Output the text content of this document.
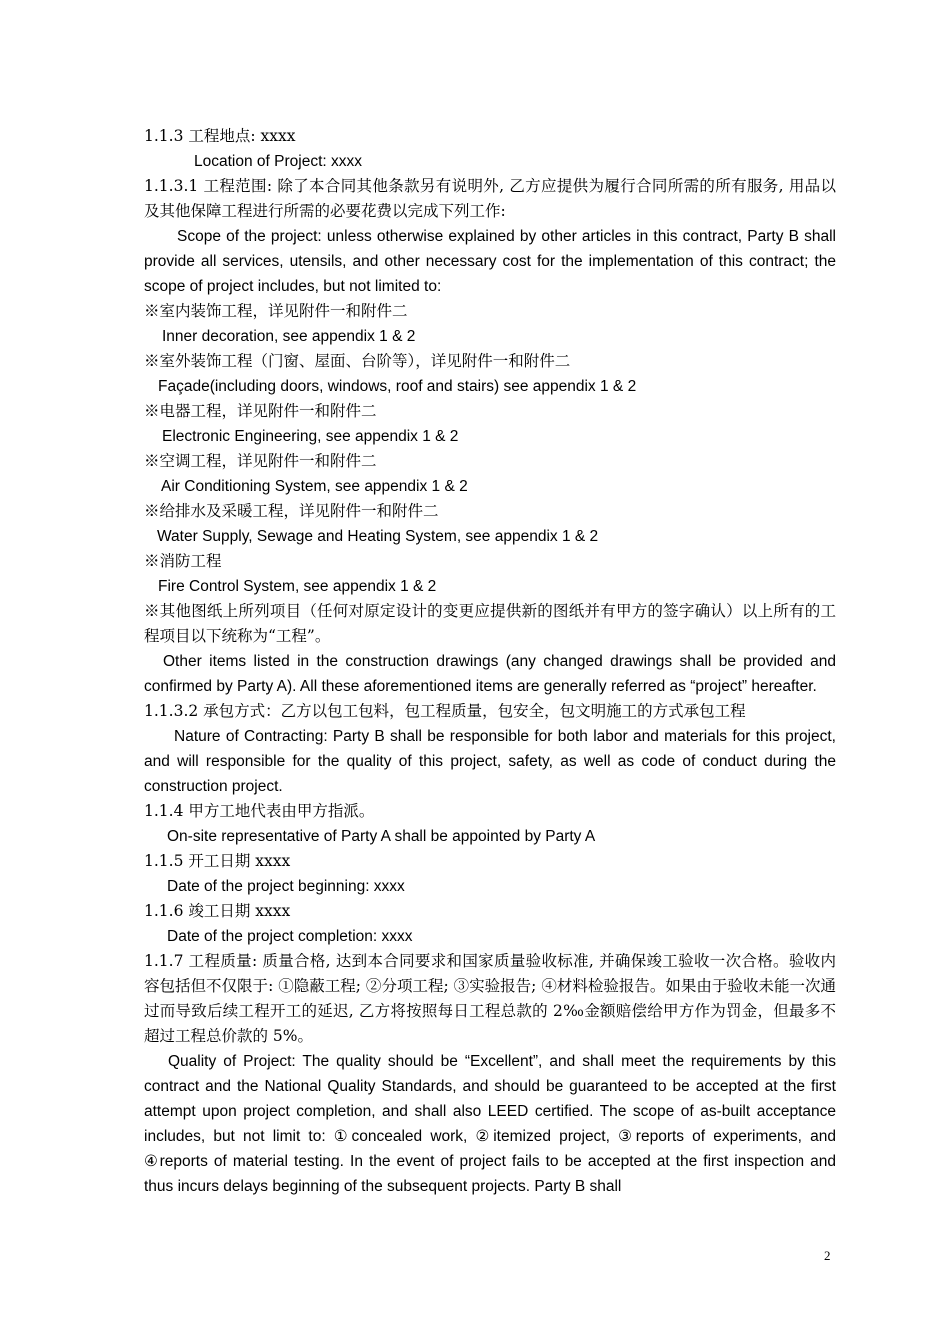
1.1.3 工程地点: xxxx
Location of Project: xxxx
1.1.3.1 工程范围: 除了本合同其他条款另有说明外, 乙方应提供为履行合同所需的所有服务, 用品以及其他保障工程进行所需的必要花费以完成下列工作:
Scope of the project: unless otherwise explained by other articles in this contract, Party B shall provide all services, utensils, and other necessary cost for the implementation of this contract; the scope of project includes, but not limited to:
※室内装饰工程，详见附件一和附件二
Inner decoration, see appendix 1 & 2
※室外装饰工程（门窗、屋面、台阶等），详见附件一和附件二
Façade(including doors, windows, roof and stairs) see appendix 1 & 2
※电器工程，详见附件一和附件二
Electronic Engineering, see appendix 1 & 2
※空调工程，详见附件一和附件二
Air Conditioning System, see appendix 1 & 2
※给排水及采暖工程，详见附件一和附件二
Water Supply, Sewage and Heating System, see appendix 1 & 2
※消防工程
Fire Control System, see appendix 1 & 2
※其他图纸上所列项目（任何对原定设计的变更应提供新的图纸并有甲方的签字确认）以上所有的工程项目以下统称为“工程”。
Other items listed in the construction drawings (any changed drawings shall be provided and confirmed by Party A). All these aforementioned items are generally referred as “project” hereafter.
1.1.3.2 承包方式：乙方以包工包料，包工程质量，包安全，包文明施工的方式承包工程
Nature of Contracting: Party B shall be responsible for both labor and materials for this project, and will responsible for the quality of this project, safety, as well as code of conduct during the construction project.
1.1.4 甲方工地代表由甲方指派。
On-site representative of Party A shall be appointed by Party A
1.1.5 开工日期 xxxx
Date of the project beginning: xxxx
1.1.6 竣工日期 xxxx
Date of the project completion: xxxx
1.1.7 工程质量: 质量合格, 达到本合同要求和国家质量验收标准, 并确保竣工验收一次合格。验收内容包括但不仅限于: ①隐蔽工程; ②分项工程; ③实验报告; ④材料检验报告。如果由于验收未能一次通过而导致后续工程开工的延迟, 乙方将按照每日工程总款的 2‰金额赔偿给甲方作为罚金，但最多不超过工程总价款的 5%。
Quality of Project: The quality should be “Excellent”, and shall meet the requirements by this contract and the National Quality Standards, and should be guaranteed to be accepted at the first attempt upon project completion, and shall also LEED certified. The scope of as-built acceptance includes, but not limit to: ①concealed work, ②itemized project, ③reports of experiments, and ④reports of material testing. In the event of project fails to be accepted at the first inspection and thus incurs delays beginning of the subsequent projects. Party B shall
2
